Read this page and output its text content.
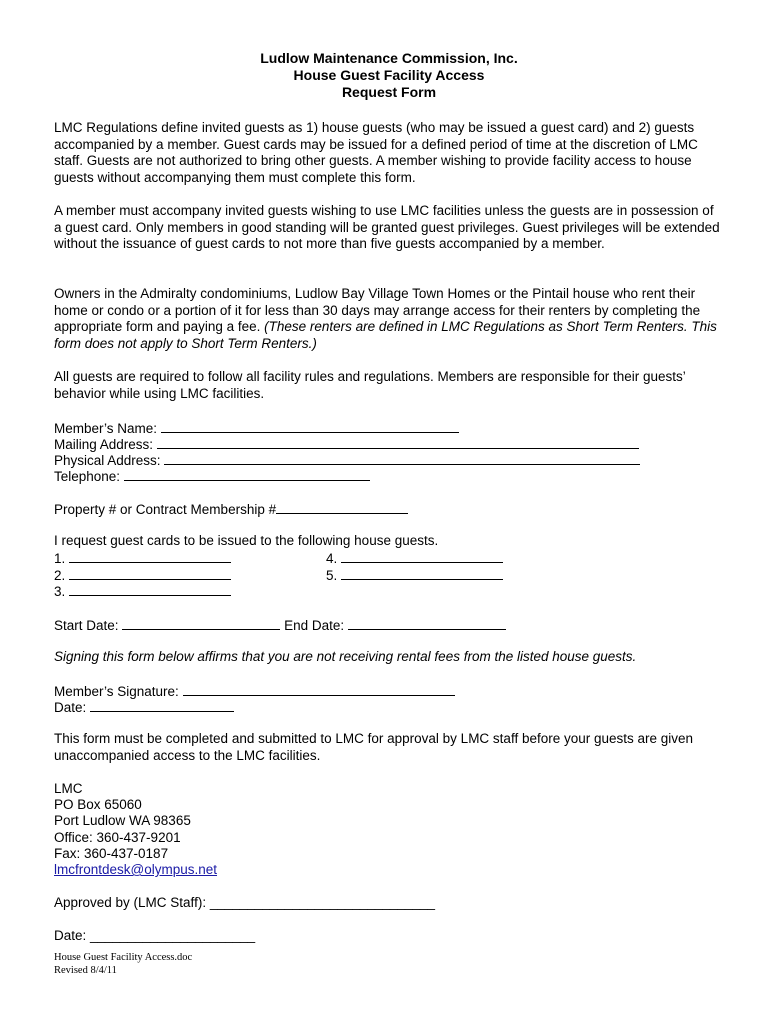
Ludlow Maintenance Commission, Inc.
House Guest Facility Access
Request Form
LMC Regulations define invited guests as 1) house guests (who may be issued a guest card) and 2) guests accompanied by a member. Guest cards may be issued for a defined period of time at the discretion of LMC staff. Guests are not authorized to bring other guests. A member wishing to provide facility access to house guests without accompanying them must complete this form.
A member must accompany invited guests wishing to use LMC facilities unless the guests are in possession of a guest card. Only members in good standing will be granted guest privileges. Guest privileges will be extended without the issuance of guest cards to not more than five guests accompanied by a member.
Owners in the Admiralty condominiums, Ludlow Bay Village Town Homes or the Pintail house who rent their home or condo or a portion of it for less than 30 days may arrange access for their renters by completing the appropriate form and paying a fee. (These renters are defined in LMC Regulations as Short Term Renters. This form does not apply to Short Term Renters.)
All guests are required to follow all facility rules and regulations. Members are responsible for their guests’ behavior while using LMC facilities.
Member’s Name:
Mailing Address:
Physical Address:
Telephone:
Property # or Contract Membership #
I request guest cards to be issued to the following house guests.
1.
2.
3.
4.
5.
Start Date:	End Date:
Signing this form below affirms that you are not receiving rental fees from the listed house guests.
Member’s Signature:
Date:
This form must be completed and submitted to LMC for approval by LMC staff before your guests are given unaccompanied access to the LMC facilities.
LMC
PO Box 65060
Port Ludlow WA 98365
Office: 360-437-9201
Fax: 360-437-0187
lmcfrontdesk@olympus.net
Approved by (LMC Staff): ______________________________
Date: ______________________
House Guest Facility Access.doc
Revised 8/4/11
